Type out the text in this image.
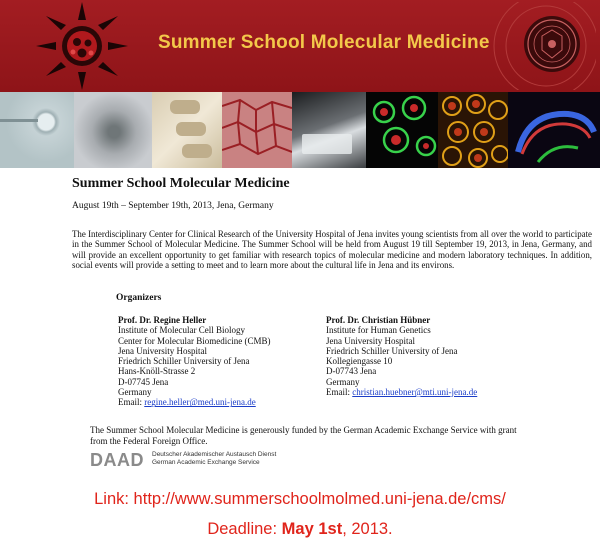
Summer School Molecular Medicine
Summer School Molecular Medicine
August 19th – September 19th, 2013, Jena, Germany
The Interdisciplinary Center for Clinical Research of the University Hospital of Jena invites young scientists from all over the world to participate in the Summer School of Molecular Medicine. The Summer School will be held from August 19 till September 19, 2013, in Jena, Germany, and will provide an excellent opportunity to get familiar with research topics of molecular medicine and modern laboratory techniques. In addition, social events will provide a setting to meet and to learn more about the cultural life in Jena and its environs.
Organizers
Prof. Dr. Regine Heller
Institute of Molecular Cell Biology
Center for Molecular Biomedicine (CMB)
Jena University Hospital
Friedrich Schiller University of Jena
Hans-Knöll-Strasse 2
D-07745 Jena
Germany
Email: regine.heller@med.uni-jena.de
Prof. Dr. Christian Hübner
Institute for Human Genetics
Jena University Hospital
Friedrich Schiller University of Jena
Kollegiengasse 10
D-07743 Jena
Germany
Email: christian.huebner@mti.uni-jena.de
The Summer School Molecular Medicine is generously funded by the German Academic Exchange Service with grant from the Federal Foreign Office.
DAAD Deutscher Akademischer Austausch Dienst
German Academic Exchange Service
Link: http://www.summerschoolmolmed.uni-jena.de/cms/
Deadline: May 1st, 2013.
